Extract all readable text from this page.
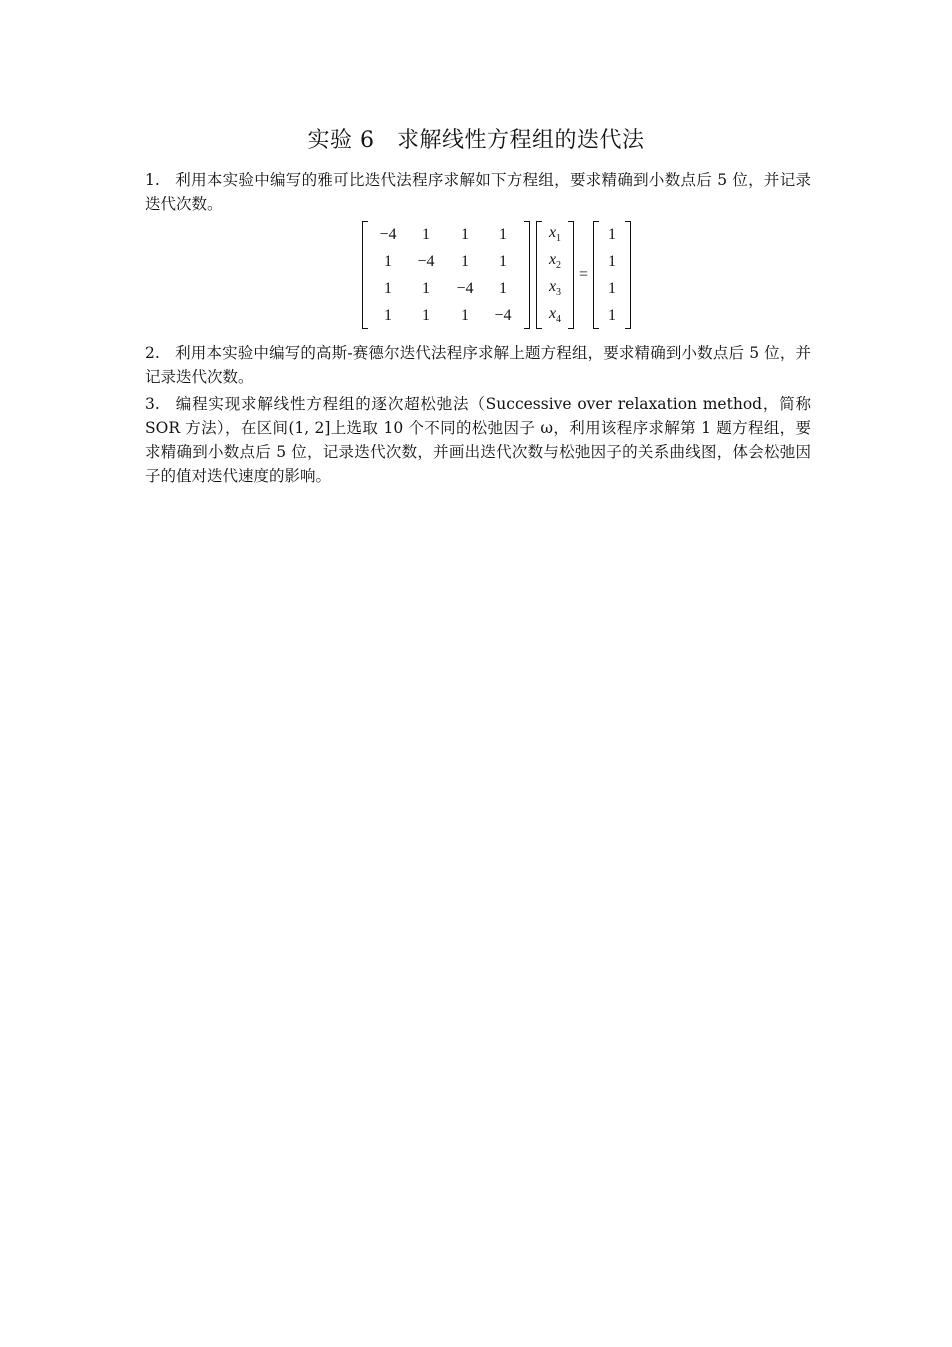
实验 6　求解线性方程组的迭代法
1. 利用本实验中编写的雅可比迭代法程序求解如下方程组，要求精确到小数点后 5 位，并记录迭代次数。
−4	1	1	1
1	−4	1	1
1	1	−4	1
1	1	1	−4
$x_1$
$x_2$
$x_3$
$x_4$
=
1
1
1
1
2. 利用本实验中编写的高斯-赛德尔迭代法程序求解上题方程组，要求精确到小数点后 5 位，并记录迭代次数。
3. 编程实现求解线性方程组的逐次超松弛法（Successive over relaxation method，简称 SOR 方法），在区间(1, 2]上选取 10 个不同的松弛因子 ω，利用该程序求解第 1 题方程组，要求精确到小数点后 5 位，记录迭代次数，并画出迭代次数与松弛因子的关系曲线图，体会松弛因子的值对迭代速度的影响。
